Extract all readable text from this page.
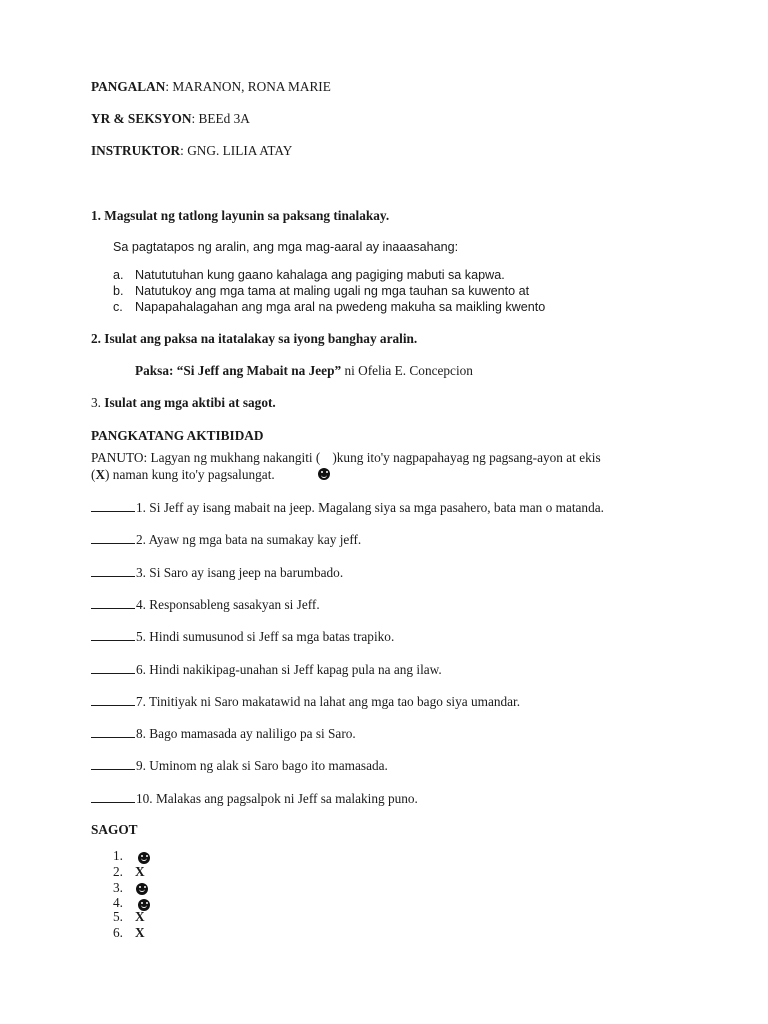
PANGALAN: MARANON, RONA MARIE
YR & SEKSYON: BEEd 3A
INSTRUKTOR: GNG. LILIA ATAY
1. Magsulat ng tatlong layunin sa paksang tinalakay.
Sa pagtatapos ng aralin, ang mga mag-aaral ay inaaasahang:
a. Natututuhan kung gaano kahalaga ang pagiging mabuti sa kapwa.
b. Natutukoy ang mga tama at maling ugali ng mga tauhan sa kuwento at
c. Napapahalagahan ang mga aral na pwedeng makuha sa maikling kwento
2. Isulat ang paksa na itatalakay sa iyong banghay aralin.
Paksa: “Si Jeff ang Mabait na Jeep” ni Ofelia E. Concepcion
3. Isulat ang mga aktibi at sagot.
PANGKATANG AKTIBIDAD
PANUTO: Lagyan ng mukhang nakangiti ( )kung ito'y nagpapahayag ng pagsang-ayon at ekis
(X) naman kung ito'y pagsalungat.
1. Si Jeff ay isang mabait na jeep. Magalang siya sa mga pasahero, bata man o matanda.
2. Ayaw ng mga bata na sumakay kay jeff.
3. Si Saro ay isang jeep na barumbado.
4. Responsableng sasakyan si Jeff.
5. Hindi sumusunod si Jeff sa mga batas trapiko.
6. Hindi nakikipag-unahan si Jeff kapag pula na ang ilaw.
7. Tinitiyak ni Saro makatawid na lahat ang mga tao bago siya umandar.
8. Bago mamasada ay naliligo pa si Saro.
9. Uminom ng alak si Saro bago ito mamasada.
10. Malakas ang pagsalpok ni Jeff sa malaking puno.
SAGOT
1.
2. X
3.
4.
5. X
6. X
